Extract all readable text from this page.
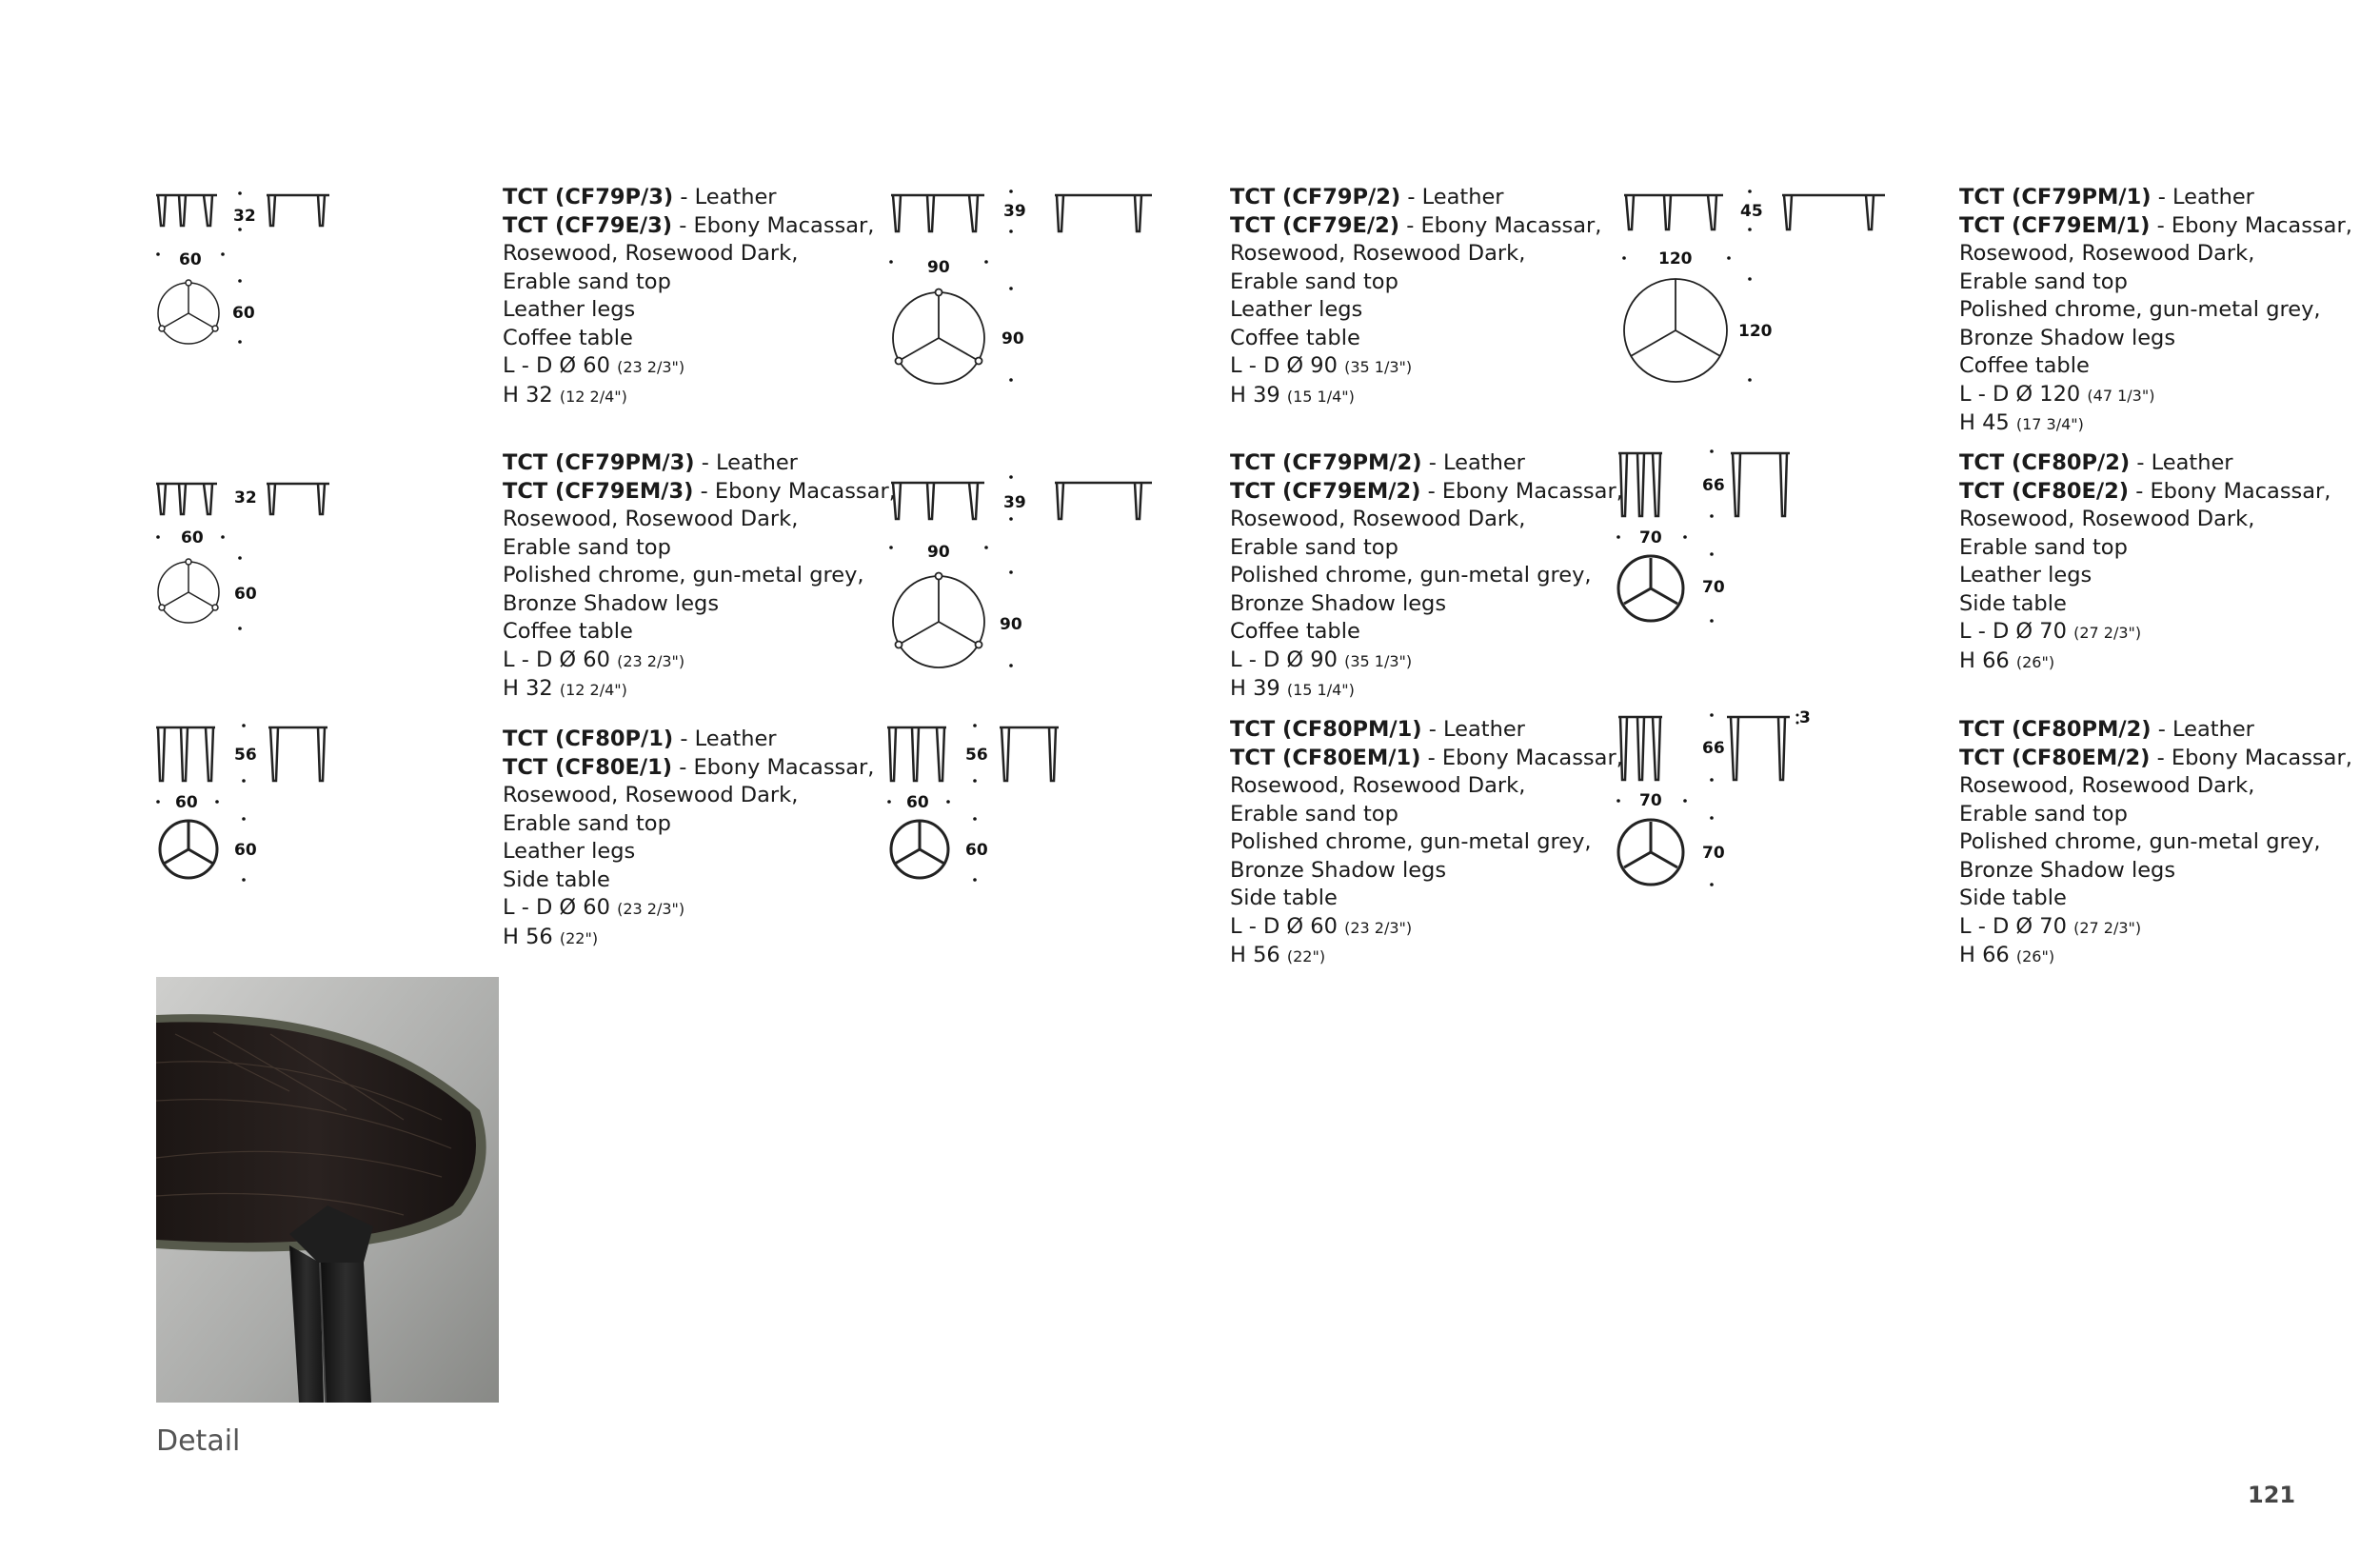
32
60
60
TCT (CF79P/3) - Leather
TCT (CF79E/3) - Ebony Macassar,
Rosewood, Rosewood Dark,
Erable sand top
Leather legs
Coffee table
L - D Ø 60 (23 2/3")
H 32 (12 2/4")
39
90
90
TCT (CF79P/2) - Leather
TCT (CF79E/2) - Ebony Macassar,
Rosewood, Rosewood Dark,
Erable sand top
Leather legs
Coffee table
L - D Ø 90 (35 1/3")
H 39 (15 1/4")
45
120
120
TCT (CF79PM/1) - Leather
TCT (CF79EM/1) - Ebony Macassar,
Rosewood, Rosewood Dark,
Erable sand top
Polished chrome, gun-metal grey,
Bronze Shadow legs
Coffee table
L - D Ø 120 (47 1/3")
H 45 (17 3/4")
32
60
60
TCT (CF79PM/3) - Leather
TCT (CF79EM/3) - Ebony Macassar,
Rosewood, Rosewood Dark,
Erable sand top
Polished chrome, gun-metal grey,
Bronze Shadow legs
Coffee table
L - D Ø 60 (23 2/3")
H 32 (12 2/4")
39
90
90
TCT (CF79PM/2) - Leather
TCT (CF79EM/2) - Ebony Macassar,
Rosewood, Rosewood Dark,
Erable sand top
Polished chrome, gun-metal grey,
Bronze Shadow legs
Coffee table
L - D Ø 90 (35 1/3")
H 39 (15 1/4")
66
70
70
TCT (CF80P/2) - Leather
TCT (CF80E/2) - Ebony Macassar,
Rosewood, Rosewood Dark,
Erable sand top
Leather legs
Side table
L - D Ø 70 (27 2/3")
H 66 (26")
56
60
60
TCT (CF80P/1) - Leather
TCT (CF80E/1) - Ebony Macassar,
Rosewood, Rosewood Dark,
Erable sand top
Leather legs
Side table
L - D Ø 60 (23 2/3")
H 56 (22")
56
60
60
TCT (CF80PM/1) - Leather
TCT (CF80EM/1) - Ebony Macassar,
Rosewood, Rosewood Dark,
Erable sand top
Polished chrome, gun-metal grey,
Bronze Shadow legs
Side table
L - D Ø 60 (23 2/3")
H 56 (22")
66
3
70
70
TCT (CF80PM/2) - Leather
TCT (CF80EM/2) - Ebony Macassar,
Rosewood, Rosewood Dark,
Erable sand top
Polished chrome, gun-metal grey,
Bronze Shadow legs
Side table
L - D Ø 70 (27 2/3")
H 66 (26")
Detail
121
